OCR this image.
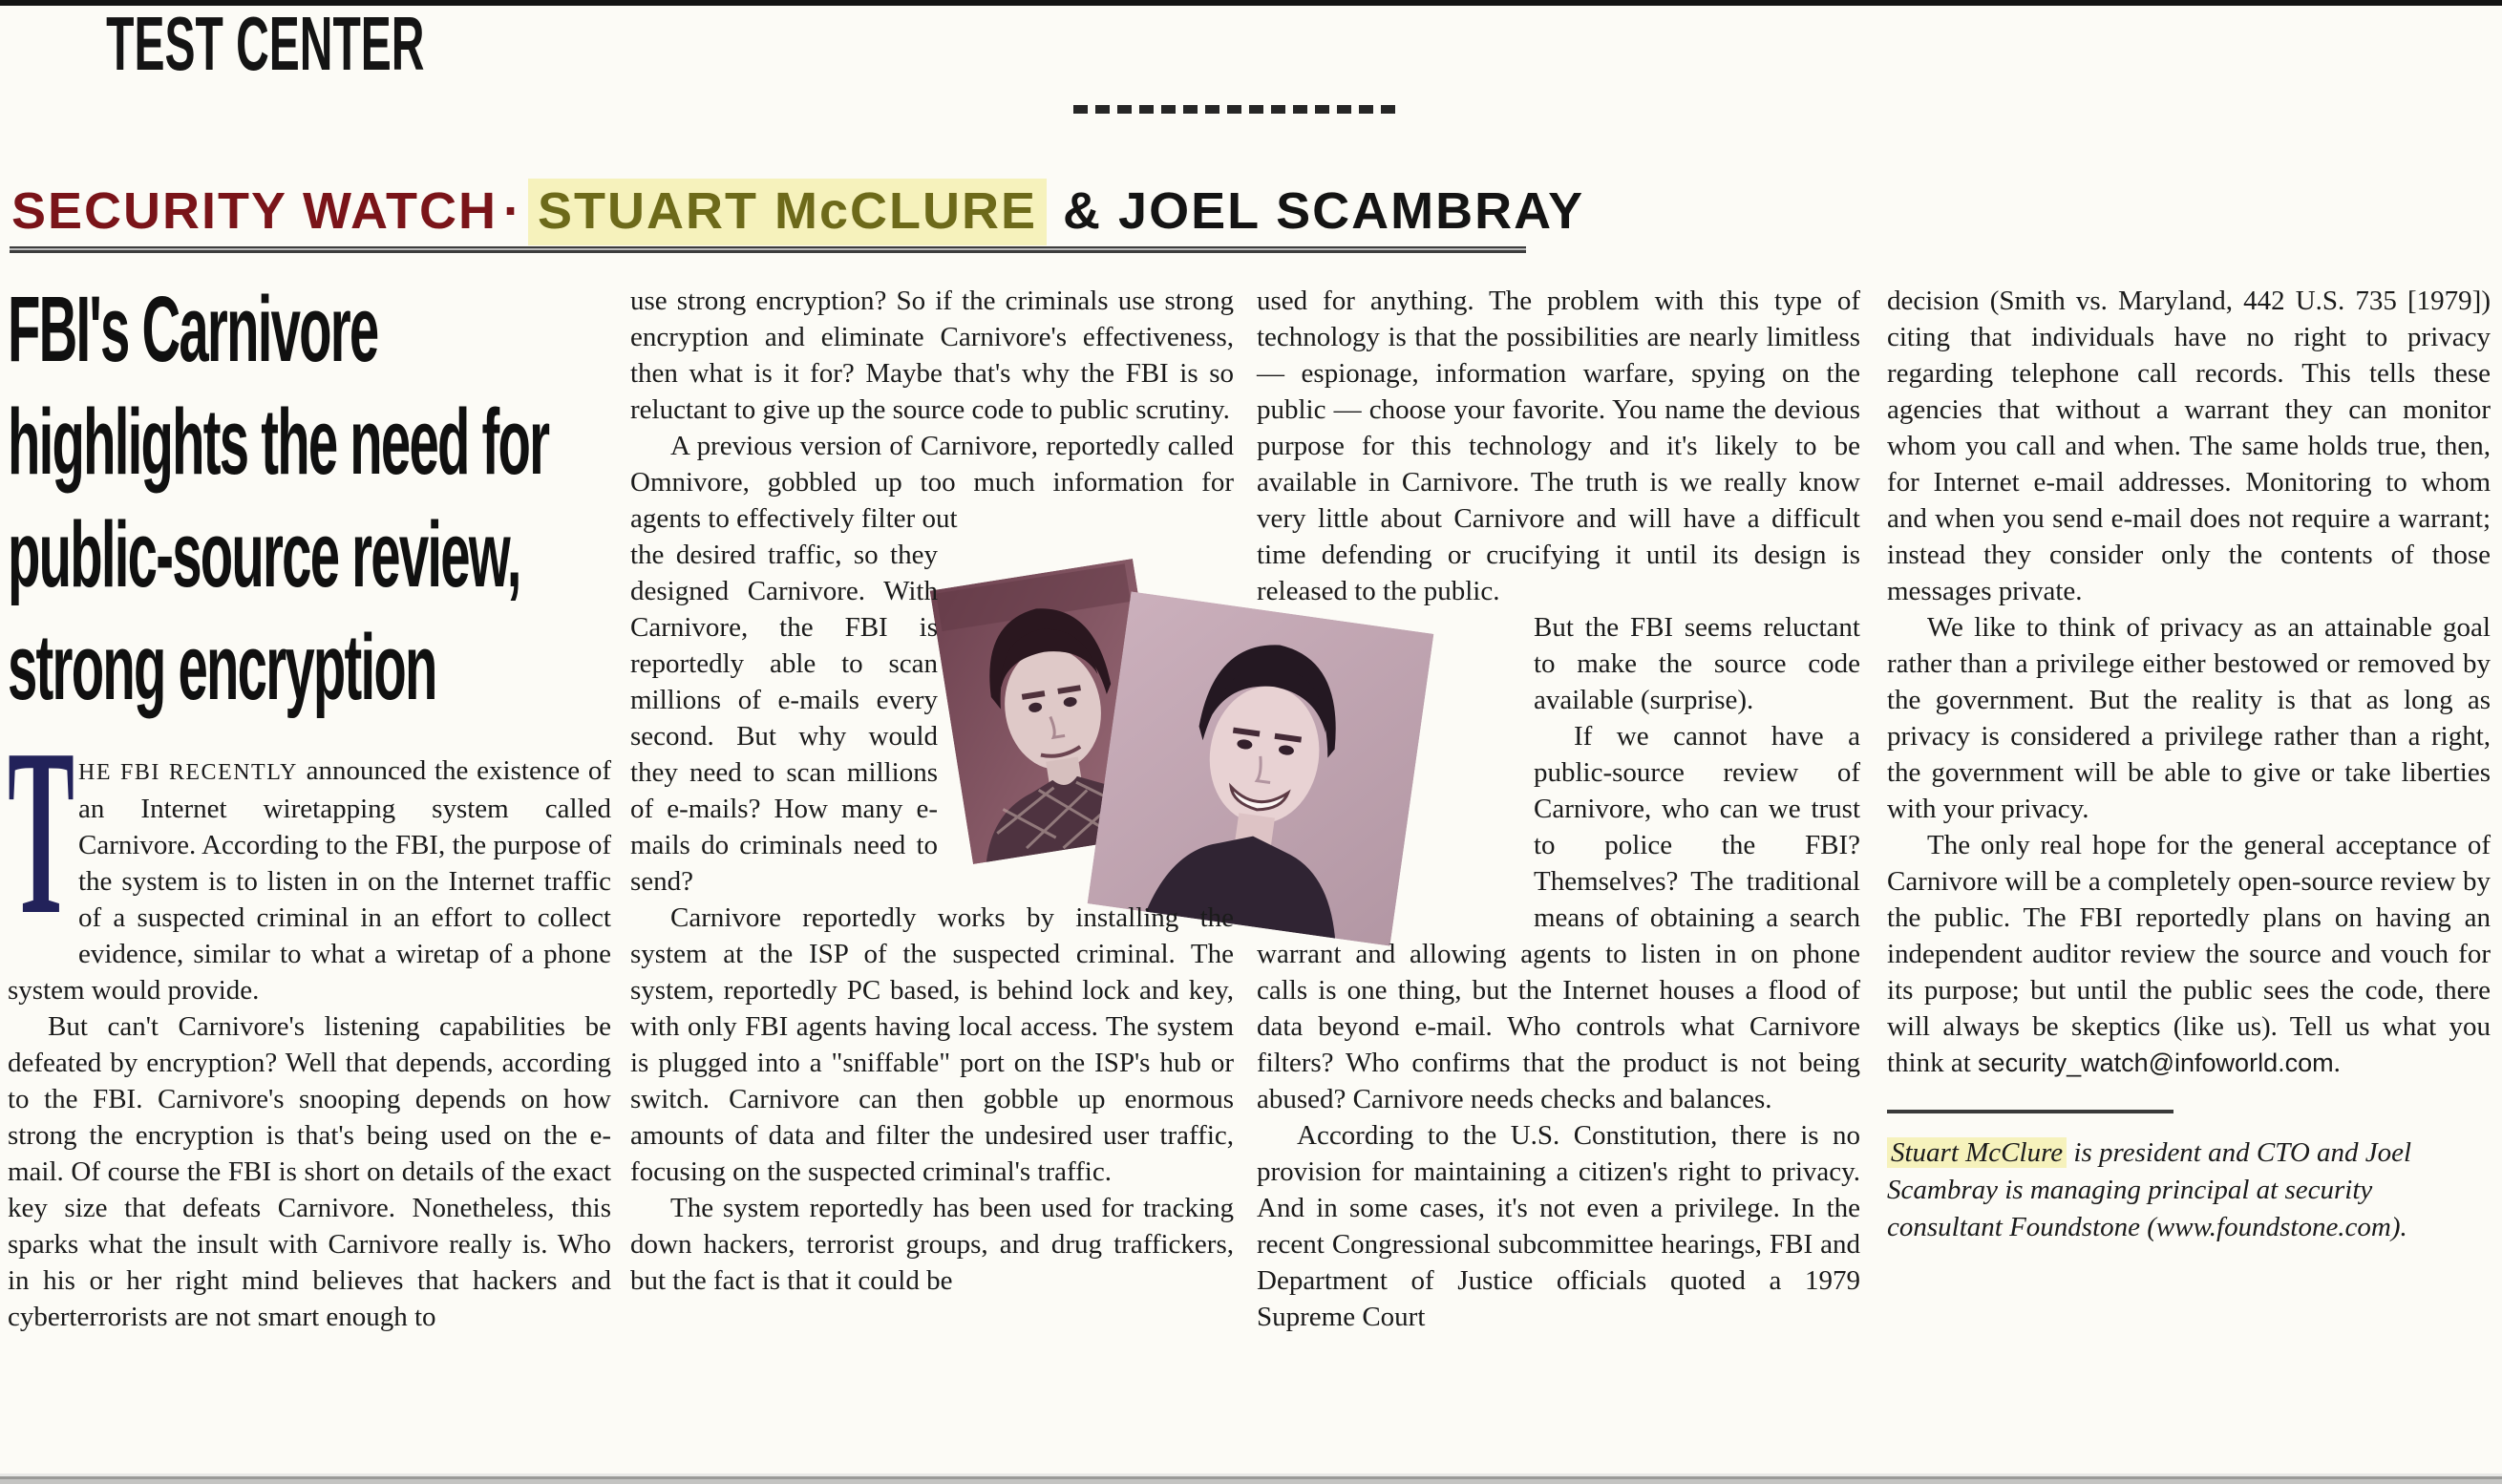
TEST CENTER
SECURITY WATCH · STUART McCLURE & JOEL SCAMBRAY
FBI's Carnivore
highlights the need for
public-source review,
strong encryption

T HE FBI RECENTLY announced the existence of an Internet wiretapping system called Carnivore. According to the FBI, the purpose of the system is to listen in on the Internet traffic of a suspected criminal in an effort to collect evidence, similar to what a wiretap of a phone system would provide.

But can't Carnivore's listening capabilities be defeated by encryption? Well that depends, according to the FBI. Carnivore's snooping depends on how strong the encryption is that's being used on the e-mail. Of course the FBI is short on details of the exact key size that defeats Carnivore. Nonetheless, this sparks what the insult with Carnivore really is. Who in his or her right mind believes that hackers and cyberterrorists are not smart enough to

use strong encryption? So if the criminals use strong encryption and eliminate Carnivore's effectiveness, then what is it for? Maybe that's why the FBI is so reluctant to give up the source code to public scrutiny.

A previous version of Carnivore, reportedly called Omnivore, gobbled up too much information for agents to effectively filter out

the desired traffic, so they designed Carnivore. With Carnivore, the FBI is reportedly able to scan millions of e-mails every second. But why would they need to scan millions of e-mails? How many e-mails do criminals need to send?

Carnivore reportedly works by installing the system at the ISP of the suspected criminal. The system, reportedly PC based, is behind lock and key, with only FBI agents having local access. The system is plugged into a "sniffable" port on the ISP's hub or switch. Carnivore can then gobble up enormous amounts of data and filter the undesired user traffic, focusing on the suspected criminal's traffic.

The system reportedly has been used for tracking down hackers, terrorist groups, and drug traffickers, but the fact is that it could be

used for anything. The problem with this type of technology is that the possibilities are nearly limitless — espionage, information warfare, spying on the public — choose your favorite. You name the devious purpose for this technology and it's likely to be available in Carnivore. The truth is we really know very little about Carnivore and will have a difficult time defending or crucifying it until its design is released to the public.

But the FBI seems reluctant to make the source code available (surprise).

If we cannot have a public-source review of Carnivore, who can we trust to police the FBI? Themselves? The traditional means of obtaining a search warrant and allowing agents to listen in on phone calls is one thing, but the Internet houses a flood of data beyond e-mail. Who controls what Carnivore filters? Who confirms that the product is not being abused? Carnivore needs checks and balances.

According to the U.S. Constitution, there is no provision for maintaining a citizen's right to privacy. And in some cases, it's not even a privilege. In the recent Congressional subcommittee hearings, FBI and Department of Justice officials quoted a 1979 Supreme Court

decision (Smith vs. Maryland, 442 U.S. 735 [1979]) citing that individuals have no right to privacy regarding telephone call records. This tells these agencies that without a warrant they can monitor whom you call and when. The same holds true, then, for Internet e-mail addresses. Monitoring to whom and when you send e-mail does not require a warrant; instead they consider only the contents of those messages private.

We like to think of privacy as an attainable goal rather than a privilege either bestowed or removed by the government. But the reality is that as long as privacy is considered a privilege rather than a right, the government will be able to give or take liberties with your privacy.

The only real hope for the general acceptance of Carnivore will be a completely open-source review by the public. The FBI reportedly plans on having an independent auditor review the source and vouch for its purpose; but until the public sees the code, there will always be skeptics (like us). Tell us what you think at security_watch@infoworld.com.

Stuart McClure is president and CTO and Joel Scambray is managing principal at security consultant Foundstone (www.foundstone.com).
